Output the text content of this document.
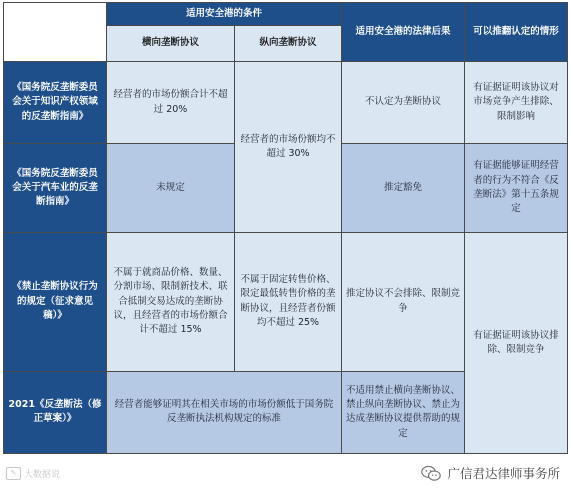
	适用安全港的条件		适用安全港的法律后果	可以推翻认定的情形
	横向垄断协议	纵向垄断协议		
《国务院反垄断委员会关于知识产权领域的反垄断指南》	经营者的市场份额合计不超过 20%	经营者的市场份额均不超过 30%	不认定为垄断协议	有证据证明该协议对市场竞争产生排除、限制影响
《国务院反垄断委员会关于汽车业的反垄断指南》	未规定		推定豁免	有证据能够证明经营者的行为不符合《反垄断法》第十五条规定
《禁止垄断协议行为的规定（征求意见稿）》	不属于就商品价格、数量、分割市场、限制新技术、联合抵制交易达成的垄断协议，且经营者的市场份额合计不超过 15%	不属于固定转售价格、限定最低转售价格的垄断协议，且经营者份额均不超过 25%	推定协议不会排除、限制竞争	有证据证明该协议排除、限制竞争
2021《反垄断法（修正草案）》	经营者能够证明其在相关市场的市场份额低于国务院反垄断执法机构规定的标准		不适用禁止横向垄断协议、禁止纵向垄断协议、禁止为达成垄断协议提供帮助的规定	
✎ 大数据说	广信君达律师事务所
